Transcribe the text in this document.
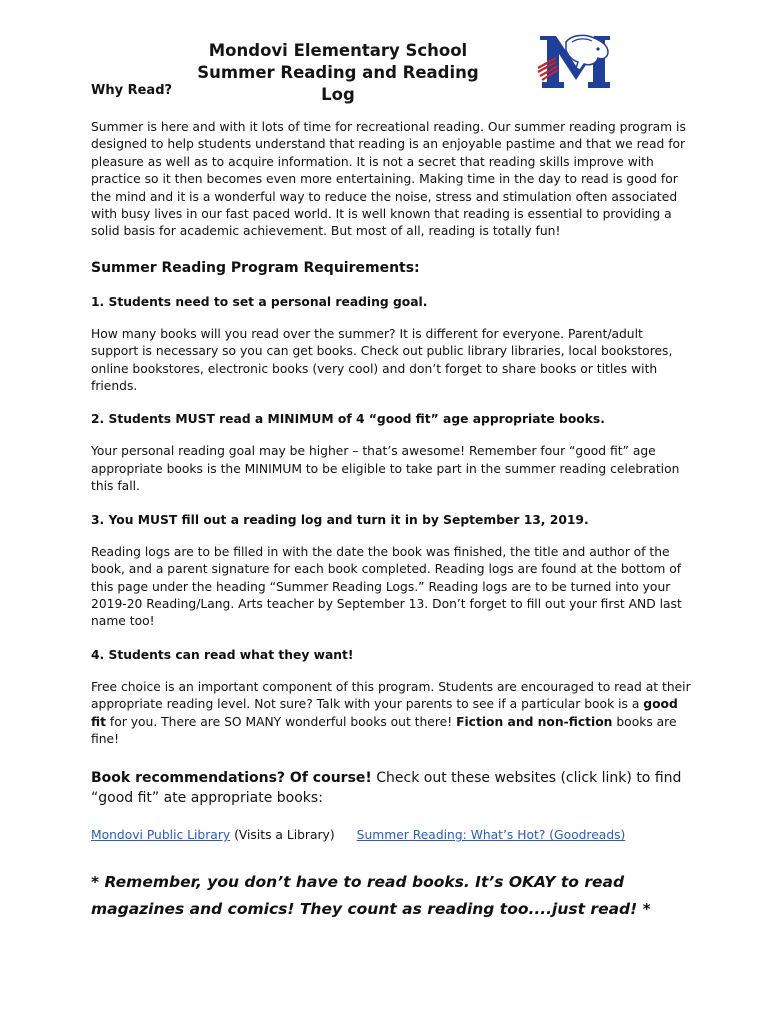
Mondovi Elementary School
Summer Reading and Reading Log
Why Read?

Summer is here and with it lots of time for recreational reading. Our summer reading program is designed to help students understand that reading is an enjoyable pastime and that we read for pleasure as well as to acquire information. It is not a secret that reading skills improve with practice so it then becomes even more entertaining. Making time in the day to read is good for the mind and it is a wonderful way to reduce the noise, stress and stimulation often associated with busy lives in our fast paced world. It is well known that reading is essential to providing a solid basis for academic achievement. But most of all, reading is totally fun!

Summer Reading Program Requirements:
1. Students need to set a personal reading goal.

How many books will you read over the summer? It is different for everyone. Parent/adult support is necessary so you can get books. Check out public library libraries, local bookstores, online bookstores, electronic books (very cool) and don’t forget to share books or titles with friends.

2. Students MUST read a MINIMUM of 4 “good fit” age appropriate books.

Your personal reading goal may be higher – that’s awesome! Remember four “good fit” age appropriate books is the MINIMUM to be eligible to take part in the summer reading celebration this fall.

3. You MUST fill out a reading log and turn it in by September 13, 2019.

Reading logs are to be filled in with the date the book was finished, the title and author of the book, and a parent signature for each book completed. Reading logs are found at the bottom of this page under the heading “Summer Reading Logs.” Reading logs are to be turned into your 2019-20 Reading/Lang. Arts teacher by September 13. Don’t forget to fill out your first AND last name too!

4. Students can read what they want!

Free choice is an important component of this program. Students are encouraged to read at their appropriate reading level. Not sure? Talk with your parents to see if a particular book is a good fit for you. There are SO MANY wonderful books out there! Fiction and non-fiction books are fine!

Book recommendations? Of course! Check out these websites (click link) to find “good fit” ate appropriate books:

Mondovi Public Library (Visits a Library) Summer Reading: What’s Hot? (Goodreads)
* Remember, you don’t have to read books. It’s OKAY to read magazines and comics! They count as reading too....just read! *
